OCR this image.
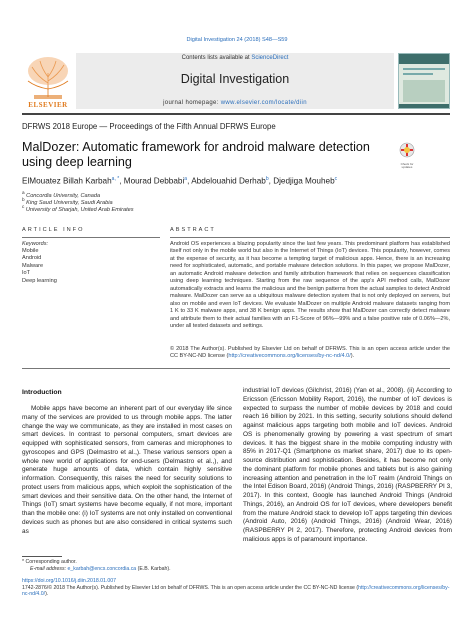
Digital Investigation 24 (2018) S48—S59
ELSEVIER
Contents lists available at ScienceDirect
Digital Investigation
journal homepage: www.elsevier.com/locate/diin
DFRWS 2018 Europe — Proceedings of the Fifth Annual DFRWS Europe
MalDozer: Automatic framework for android malware detection using deep learning	Check for updates
ElMouatez Billah Karbah$^{a, *}$, Mourad Debbabi$^a$, Abdelouahid Derhab$^b$, Djedjiga Mouheb$^c$
$^a$ Concordia University, Canada
$^b$ King Saud University, Saudi Arabia
$^c$ University of Sharjah, United Arab Emirates
ARTICLE INFO	ABSTRACT
Keywords:
Mobile
Android
Malware
IoT
Deep learning
Android OS experiences a blazing popularity since the last few years. This predominant platform has established itself not only in the mobile world but also in the Internet of Things (IoT) devices. This popularity, however, comes at the expense of security, as it has become a tempting target of malicious apps. Hence, there is an increasing need for sophisticated, automatic, and portable malware detection solutions. In this paper, we propose MalDozer, an automatic Android malware detection and family attribution framework that relies on sequences classification using deep learning techniques. Starting from the raw sequence of the app's API method calls, MalDozer automatically extracts and learns the malicious and the benign patterns from the actual samples to detect Android malware. MalDozer can serve as a ubiquitous malware detection system that is not only deployed on servers, but also on mobile and even IoT devices. We evaluate MalDozer on multiple Android malware datasets ranging from 1 K to 33 K malware apps, and 38 K benign apps. The results show that MalDozer can correctly detect malware and attribute them to their actual families with an F1-Score of 96%—99% and a false positive rate of 0.06%—2%, under all tested datasets and settings.
© 2018 The Author(s). Published by Elsevier Ltd on behalf of DFRWS. This is an open access article under the CC BY-NC-ND license (http://creativecommons.org/licenses/by-nc-nd/4.0/).
Introduction
Mobile apps have become an inherent part of our everyday life since many of the services are provided to us through mobile apps. The latter change the way we communicate, as they are installed in most cases on smart devices. In contrast to personal computers, smart devices are equipped with sophisticated sensors, from cameras and microphones to gyroscopes and GPS (Delmastro et al.,). These various sensors open a whole new world of applications for end-users (Delmastro et al.,), and generate huge amounts of data, which contain highly sensitive information. Consequently, this raises the need for security solutions to protect users from malicious apps, which exploit the sophistication of the smart devices and their sensitive data. On the other hand, the Internet of Things (IoT) smart systems have become equally, if not more, important than the mobile one: (i) IoT systems are not only installed on conventional devices such as phones but are also considered in critical systems such as
industrial IoT devices (Gilchrist, 2016) (Yan et al., 2008). (ii) According to Ericsson (Ericsson Mobility Report, 2016), the number of IoT devices is expected to surpass the number of mobile devices by 2018 and could reach 16 billion by 2021. In this setting, security solutions should defend against malicious apps targeting both mobile and IoT devices. Android OS is phenomenally growing by powering a vast spectrum of smart devices. It has the biggest share in the mobile computing industry with 85% in 2017-Q1 (Smartphone os market share, 2017) due to its open-source distribution and sophistication. Besides, it has become not only the dominant platform for mobile phones and tablets but is also gaining increasing attention and penetration in the IoT realm (Android Things on the Intel Edison Board, 2016) (Android Things, 2016) (RASPBERRY PI 3, 2017). In this context, Google has launched Android Things (Android Things, 2016), an Android OS for IoT devices, where developers benefit from the mature Android stack to develop IoT apps targeting thin devices (Android Auto, 2016) (Android Things, 2016) (Android Wear, 2016) (RASPBERRY PI 2, 2017). Therefore, protecting Android devices from malicious apps is of paramount importance.
* Corresponding author.
E-mail address: e_karbah@encs.concordia.ca (E.B. Karbah).
https://doi.org/10.1016/j.diin.2018.01.007
1742-2876/© 2018 The Author(s). Published by Elsevier Ltd on behalf of DFRWS. This is an open access article under the CC BY-NC-ND license (http://creativecommons.org/licenses/by-nc-nd/4.0/).
